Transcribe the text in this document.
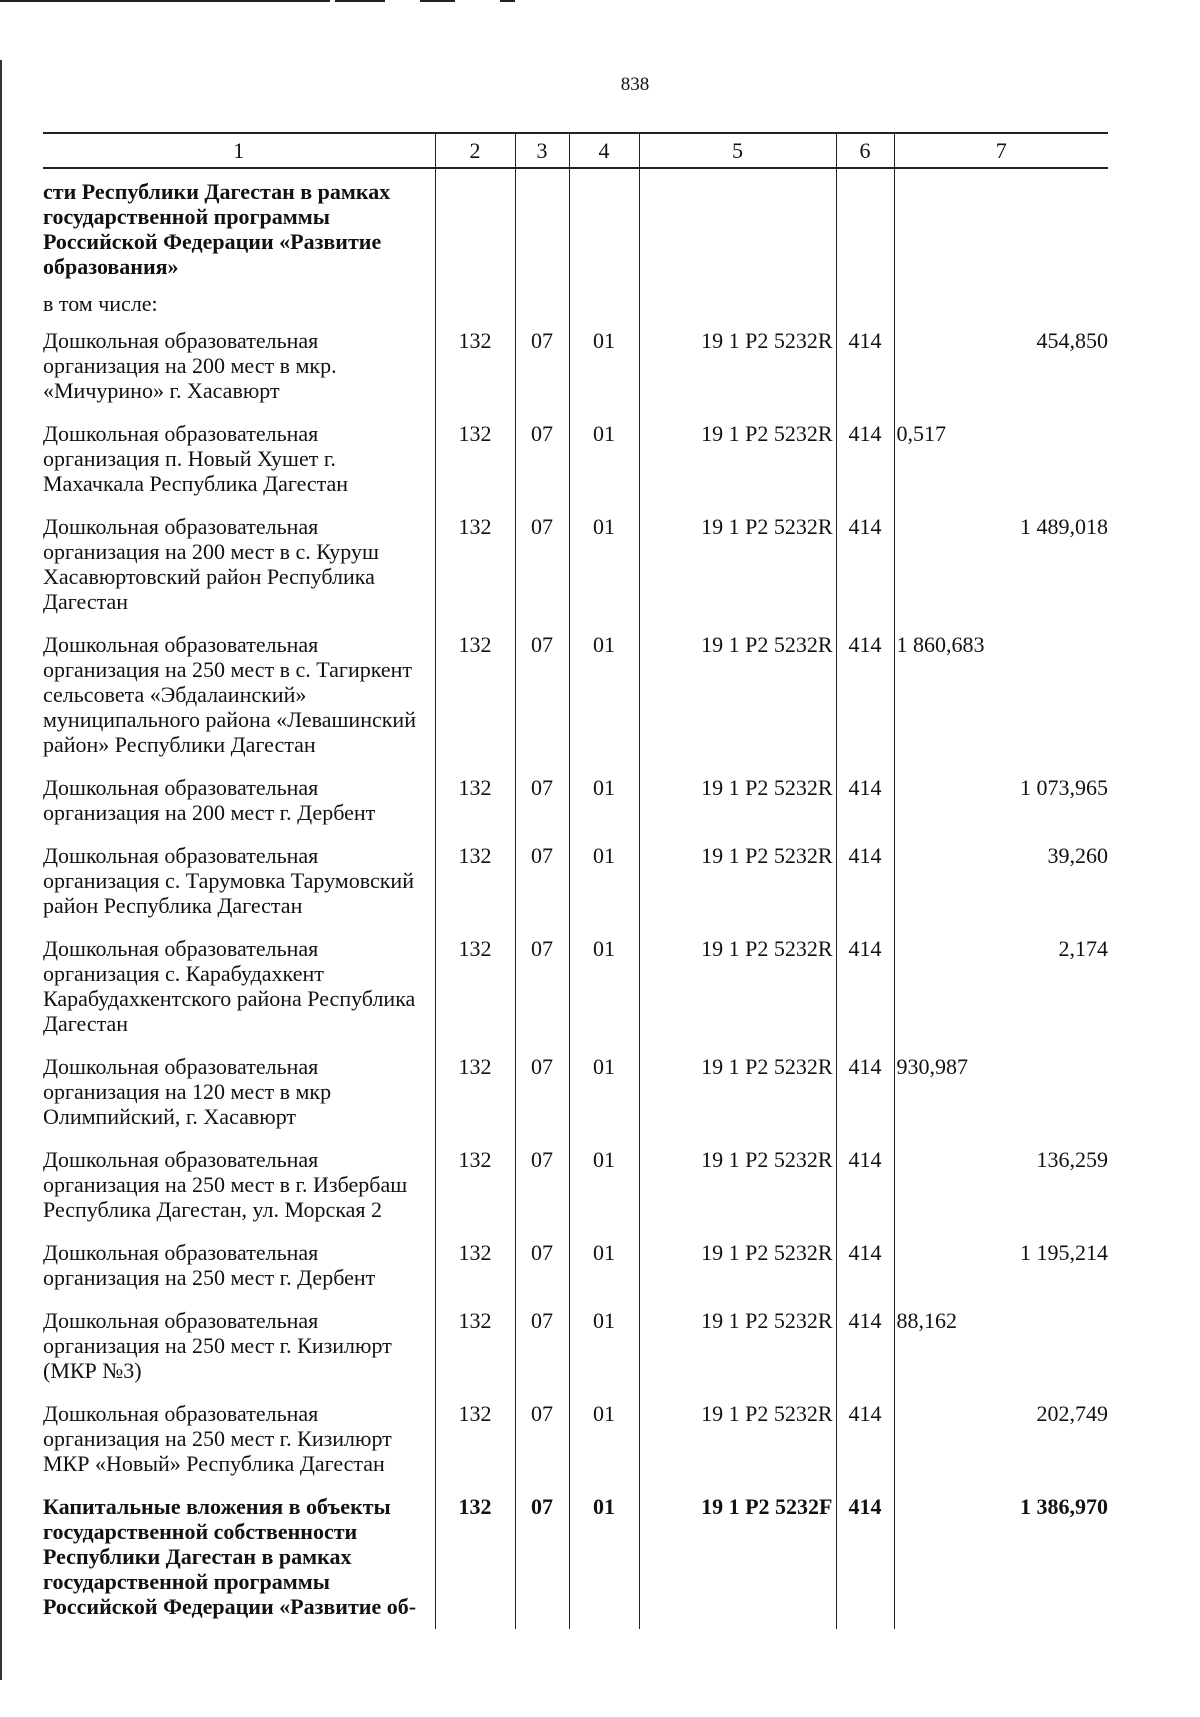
838
1	2	3	4	5	6	7
сти Республики Дагестан в рамках государственной программы Российской Федерации «Развитие образования»						
в том числе:						
Дошкольная образовательная организация на 200 мест в мкр. «Мичурино» г. Хасавюрт	132	07	01	19 1 Р2 5232R	414	454,850
Дошкольная образовательная организация п. Новый Хушет г. Махачкала Республика Дагестан	132	07	01	19 1 Р2 5232R	414	0,517
Дошкольная образовательная организация на 200 мест в с. Куруш Хасавюртовский район Республика Дагестан	132	07	01	19 1 Р2 5232R	414	1 489,018
Дошкольная образовательная организация на 250 мест в с. Тагиркент сельсовета «Эбдалаинский» муниципального района «Левашинский район» Республики Дагестан	132	07	01	19 1 Р2 5232R	414	1 860,683
Дошкольная образовательная организация на 200 мест г. Дербент	132	07	01	19 1 Р2 5232R	414	1 073,965
Дошкольная образовательная организация с. Тарумовка Тарумовский район Республика Дагестан	132	07	01	19 1 Р2 5232R	414	39,260
Дошкольная образовательная организация с. Карабудахкент Карабудахкентского района Республика Дагестан	132	07	01	19 1 Р2 5232R	414	2,174
Дошкольная образовательная организация на 120 мест в мкр Олимпийский, г. Хасавюрт	132	07	01	19 1 Р2 5232R	414	930,987
Дошкольная образовательная организация на 250 мест в г. Избербаш Республика Дагестан, ул. Морская 2	132	07	01	19 1 Р2 5232R	414	136,259
Дошкольная образовательная организация на 250 мест г. Дербент	132	07	01	19 1 Р2 5232R	414	1 195,214
Дошкольная образовательная организация на 250 мест г. Кизилюрт (МКР №3)	132	07	01	19 1 Р2 5232R	414	88,162
Дошкольная образовательная организация на 250 мест г. Кизилюрт МКР «Новый» Республика Дагестан	132	07	01	19 1 Р2 5232R	414	202,749
Капитальные вложения в объекты государственной собственности Республики Дагестан в рамках государственной программы Российской Федерации «Развитие об-	132	07	01	19 1 Р2 5232F	414	1 386,970
